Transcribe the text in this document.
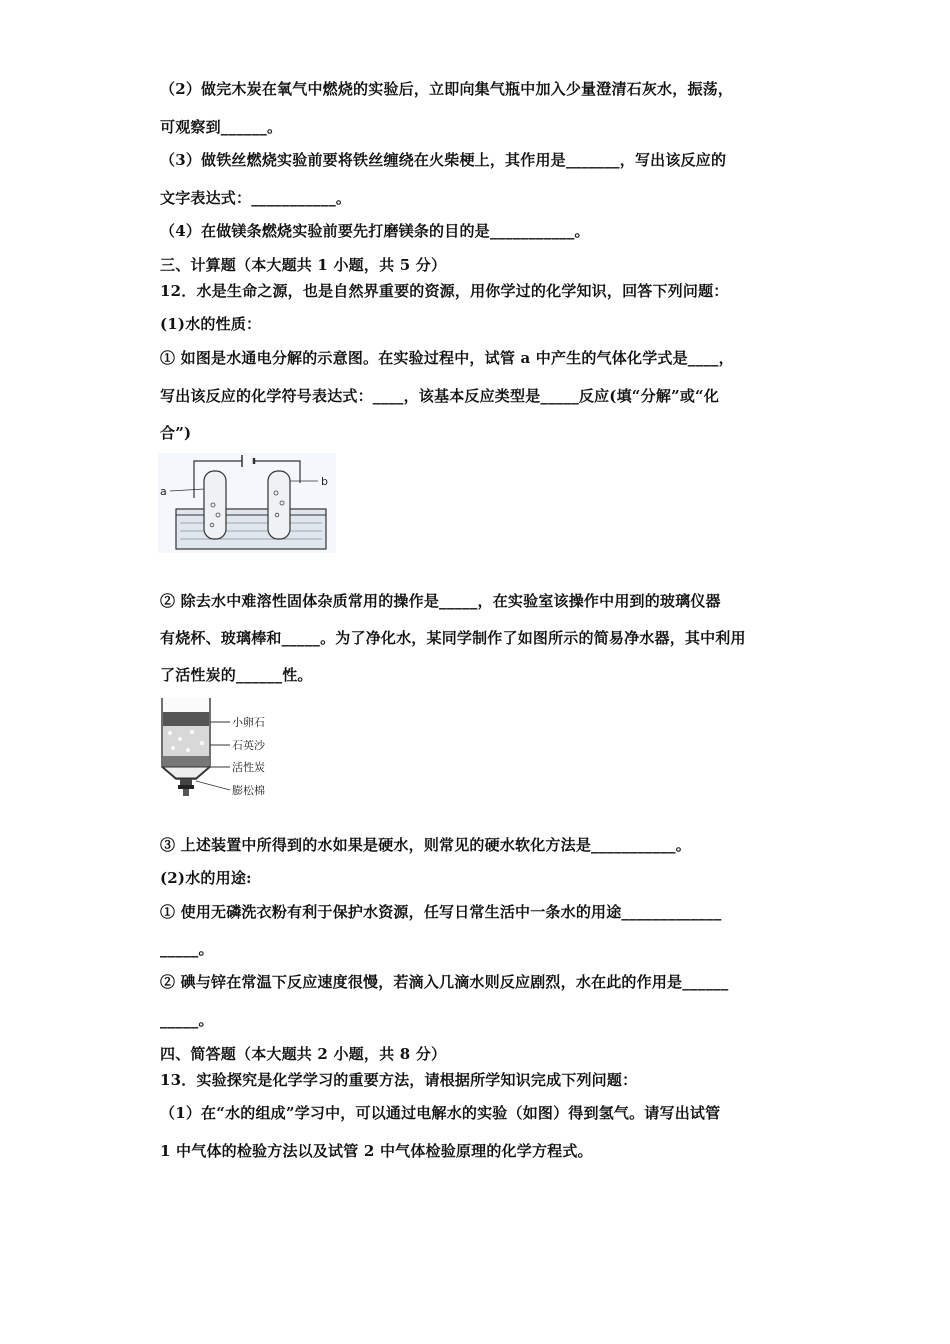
（2）做完木炭在氧气中燃烧的实验后，立即向集气瓶中加入少量澄清石灰水，振荡，
可观察到______。
（3）做铁丝燃烧实验前要将铁丝缠绕在火柴梗上，其作用是_______，写出该反应的
文字表达式：___________。
（4）在做镁条燃烧实验前要先打磨镁条的目的是___________。
三、计算题（本大题共 1 小题，共 5 分）
12．水是生命之源，也是自然界重要的资源，用你学过的化学知识，回答下列问题：
(1)水的性质：
① 如图是水通电分解的示意图。在实验过程中，试管 a 中产生的气体化学式是____，
写出该反应的化学符号表达式：____，该基本反应类型是_____反应(填“分解”或“化
合”)
a
b
② 除去水中难溶性固体杂质常用的操作是_____，在实验室该操作中用到的玻璃仪器
有烧杯、玻璃棒和_____。为了净化水，某同学制作了如图所示的简易净水器，其中利用
了活性炭的______性。
小卵石
石英沙
活性炭
膨松棉
③ 上述装置中所得到的水如果是硬水，则常见的硬水软化方法是___________。
(2)水的用途:
① 使用无磷洗衣粉有利于保护水资源，任写日常生活中一条水的用途_____________
_____。
② 碘与锌在常温下反应速度很慢，若滴入几滴水则反应剧烈，水在此的作用是______
_____。
四、简答题（本大题共 2 小题，共 8 分）
13．实验探究是化学学习的重要方法，请根据所学知识完成下列问题：
（1）在“水的组成”学习中，可以通过电解水的实验（如图）得到氢气。请写出试管
1 中气体的检验方法以及试管 2 中气体检验原理的化学方程式。
